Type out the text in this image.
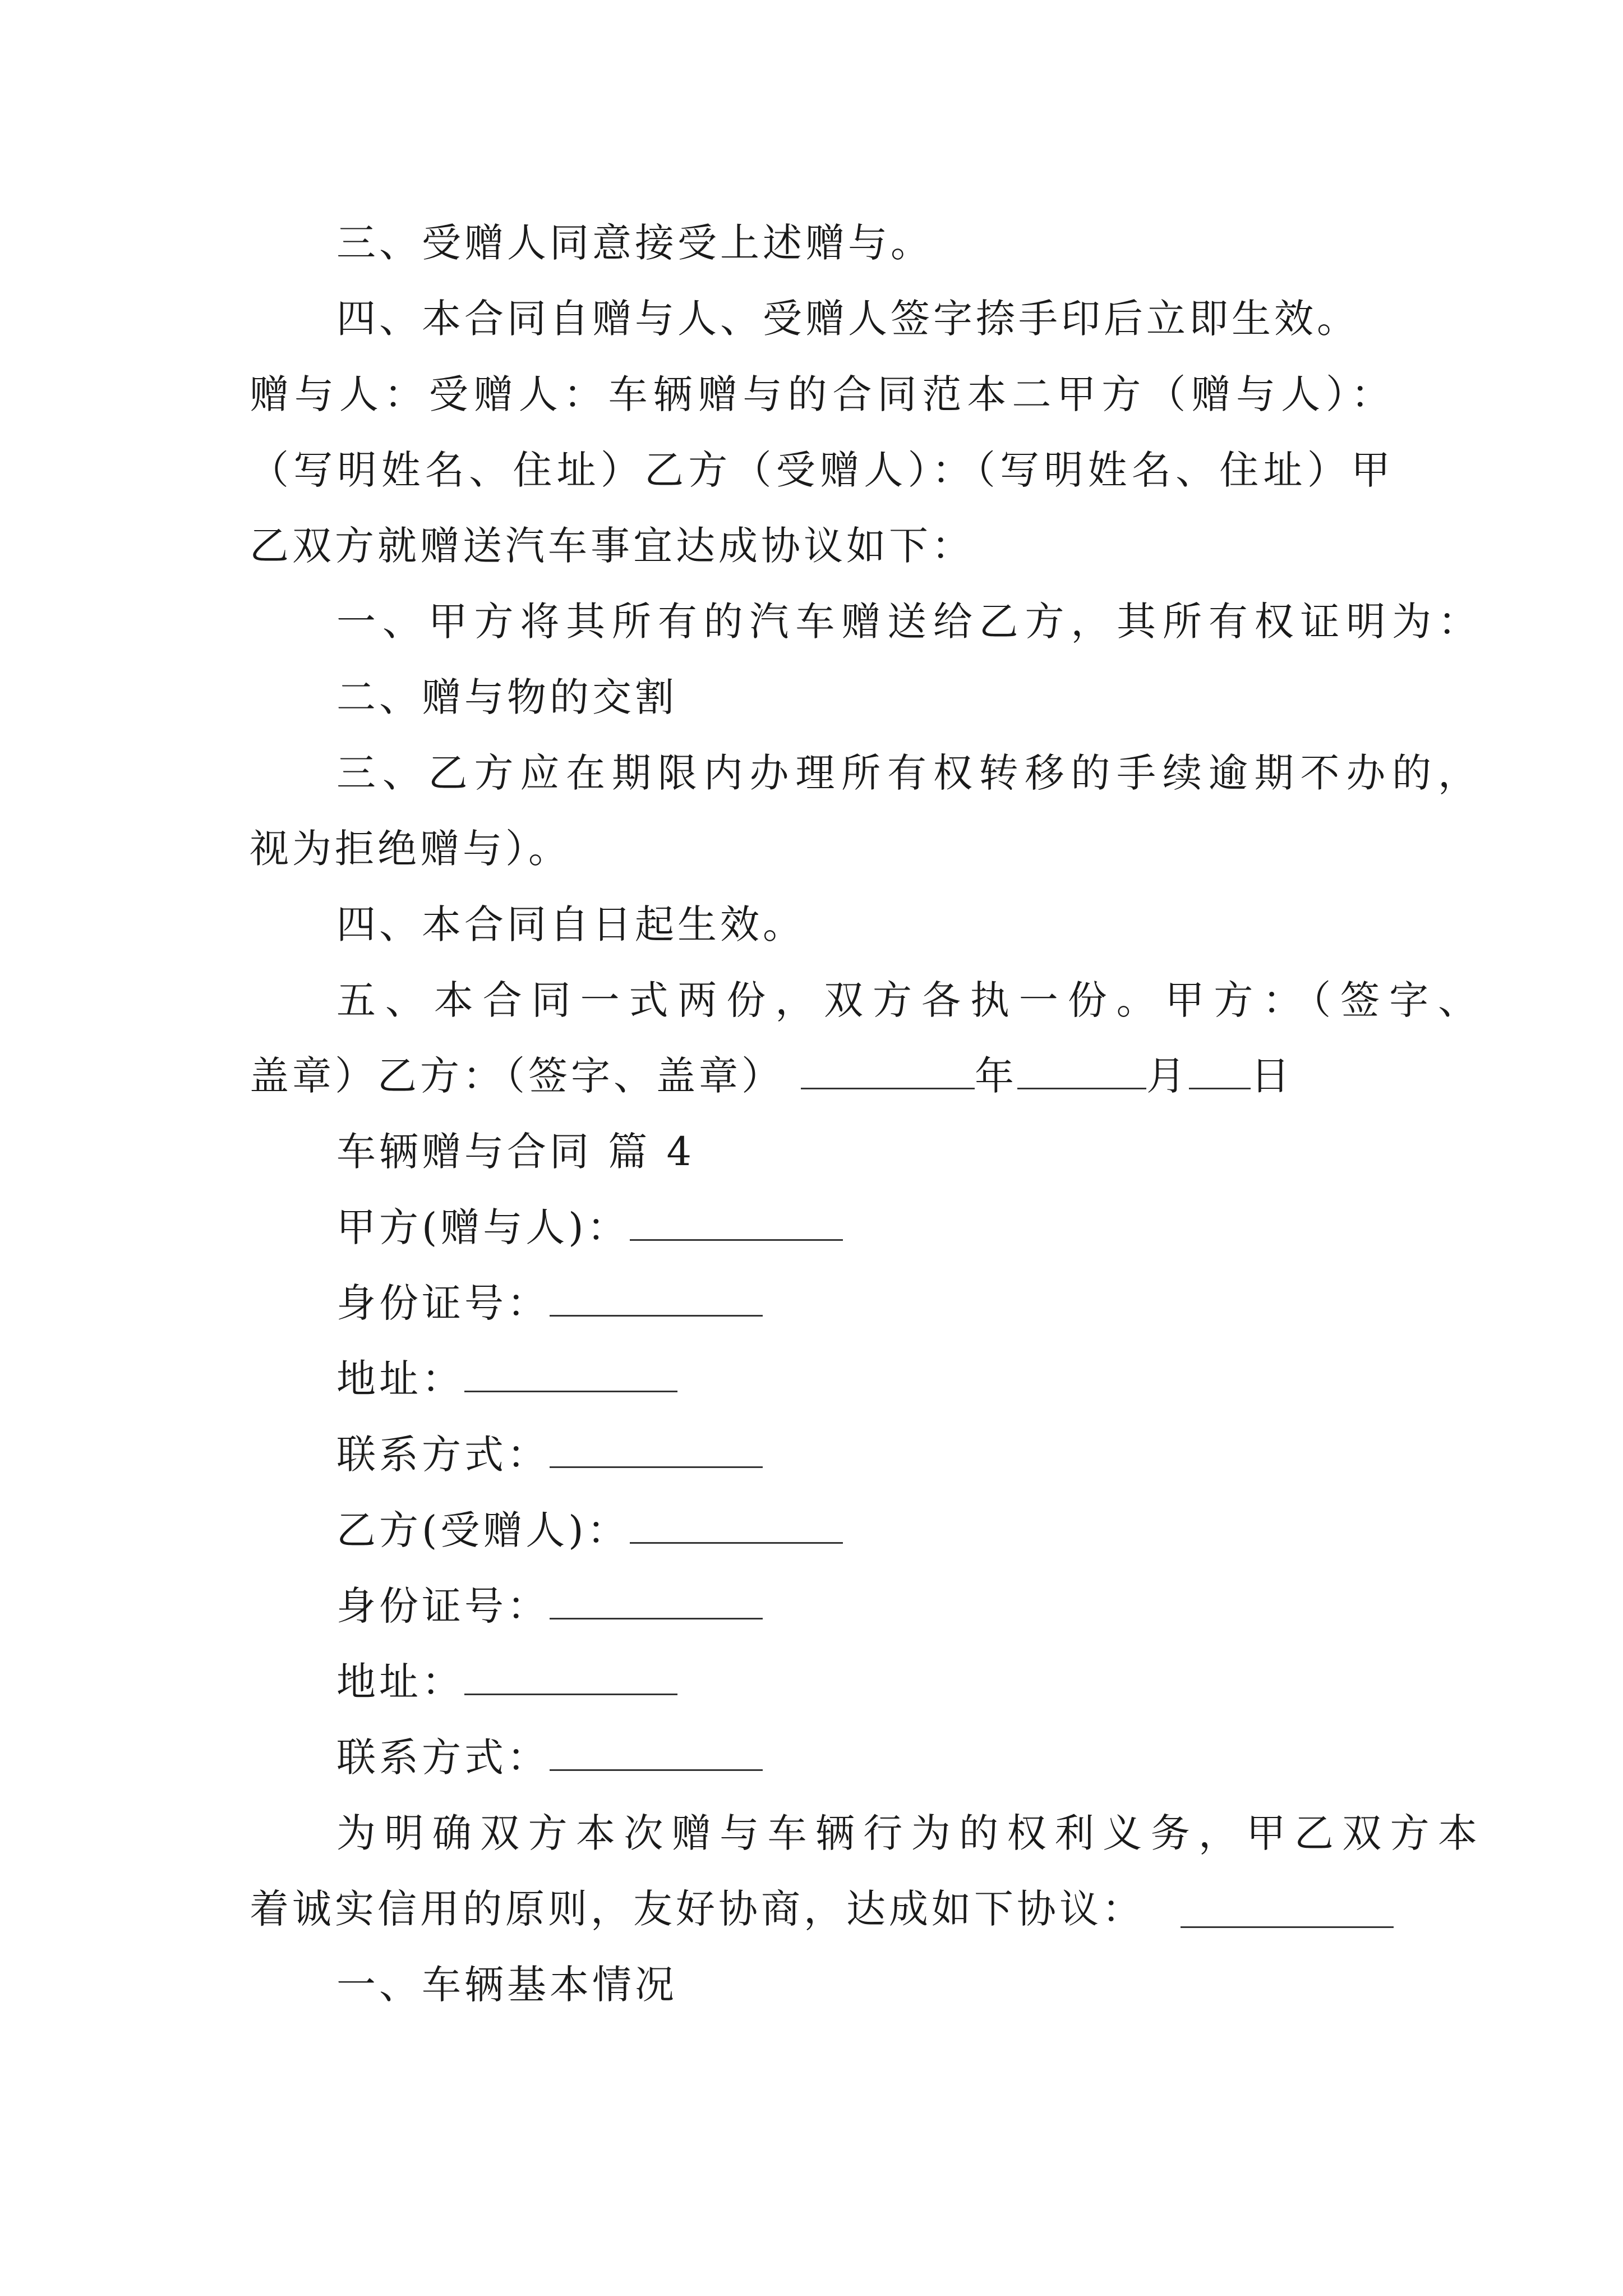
三、受赠人同意接受上述赠与。
四、本合同自赠与人、受赠人签字捺手印后立即生效。
赠与人：受赠人：车辆赠与的合同范本二甲方（赠与人）：
（写明姓名、住址）乙方（受赠人）：（写明姓名、住址）甲
乙双方就赠送汽车事宜达成协议如下：
一、甲方将其所有的汽车赠送给乙方，其所有权证明为：
二、赠与物的交割
三、乙方应在期限内办理所有权转移的手续逾期不办的，
视为拒绝赠与）。
四、本合同自日起生效。
五、本合同一式两份，双方各执一份。甲方：（签字、
盖章）乙方：（签字、盖章）	年	月 日
车辆赠与合同 篇 4
甲方(赠与人)：
身份证号：
地址：
联系方式：
乙方(受赠人)：
身份证号：
地址：
联系方式：
为明确双方本次赠与车辆行为的权利义务，甲乙双方本
着诚实信用的原则，友好协商，达成如下协议：
一、车辆基本情况
